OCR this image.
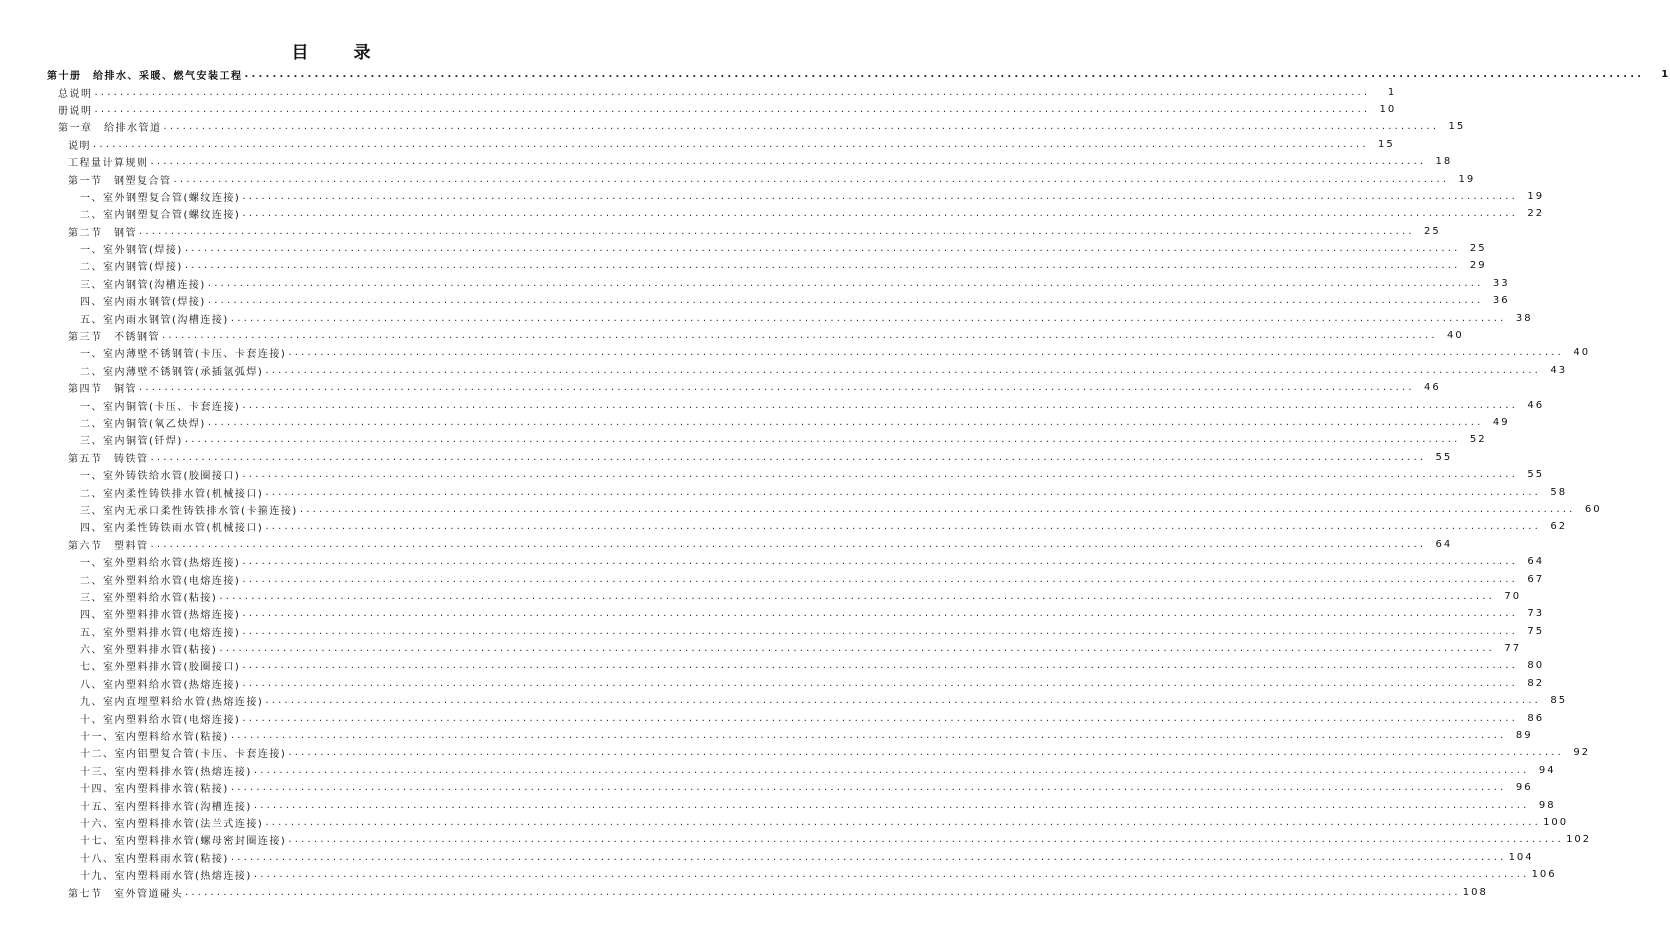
目　录
第十册　给排水、采暖、燃气安装工程 ........................................................................................................................................................................................................	1
总说明 ........................................................................................................................................................................................................	1
册说明 ........................................................................................................................................................................................................ 10
第一章　给排水管道 ........................................................................................................................................................................................................ 15
说明 ........................................................................................................................................................................................................ 15
工程量计算规则 ........................................................................................................................................................................................................ 18
第一节　钢塑复合管 ........................................................................................................................................................................................................ 19
一、室外钢塑复合管(螺纹连接) ........................................................................................................................................................................................................ 19
二、室内钢塑复合管(螺纹连接) ........................................................................................................................................................................................................ 22
第二节　钢管 ........................................................................................................................................................................................................ 25
一、室外钢管(焊接) ........................................................................................................................................................................................................ 25
二、室内钢管(焊接) ........................................................................................................................................................................................................ 29
三、室内钢管(沟槽连接) ........................................................................................................................................................................................................ 33
四、室内雨水钢管(焊接) ........................................................................................................................................................................................................ 36
五、室内雨水钢管(沟槽连接) ........................................................................................................................................................................................................ 38
第三节　不锈钢管 ........................................................................................................................................................................................................ 40
一、室内薄壁不锈钢管(卡压、卡套连接) ........................................................................................................................................................................................................ 40
二、室内薄壁不锈钢管(承插氩弧焊) ........................................................................................................................................................................................................ 43
第四节　铜管 ........................................................................................................................................................................................................ 46
一、室内铜管(卡压、卡套连接) ........................................................................................................................................................................................................ 46
二、室内铜管(氧乙炔焊) ........................................................................................................................................................................................................ 49
三、室内铜管(钎焊) ........................................................................................................................................................................................................ 52
第五节　铸铁管 ........................................................................................................................................................................................................ 55
一、室外铸铁给水管(胶圈接口) ........................................................................................................................................................................................................ 55
二、室内柔性铸铁排水管(机械接口) ........................................................................................................................................................................................................ 58
三、室内无承口柔性铸铁排水管(卡箍连接) ........................................................................................................................................................................................................ 60
四、室内柔性铸铁雨水管(机械接口) ........................................................................................................................................................................................................ 62
第六节　塑料管 ........................................................................................................................................................................................................ 64
一、室外塑料给水管(热熔连接) ........................................................................................................................................................................................................ 64
二、室外塑料给水管(电熔连接) ........................................................................................................................................................................................................ 67
三、室外塑料给水管(粘接) ........................................................................................................................................................................................................ 70
四、室外塑料排水管(热熔连接) ........................................................................................................................................................................................................ 73
五、室外塑料排水管(电熔连接) ........................................................................................................................................................................................................ 75
六、室外塑料排水管(粘接) ........................................................................................................................................................................................................ 77
七、室外塑料排水管(胶圈接口) ........................................................................................................................................................................................................ 80
八、室内塑料给水管(热熔连接) ........................................................................................................................................................................................................ 82
九、室内直埋塑料给水管(热熔连接) ........................................................................................................................................................................................................ 85
十、室内塑料给水管(电熔连接) ........................................................................................................................................................................................................ 86
十一、室内塑料给水管(粘接) ........................................................................................................................................................................................................ 89
十二、室内铝塑复合管(卡压、卡套连接) ........................................................................................................................................................................................................ 92
十三、室内塑料排水管(热熔连接) ........................................................................................................................................................................................................ 94
十四、室内塑料排水管(粘接) ........................................................................................................................................................................................................ 96
十五、室内塑料排水管(沟槽连接) ........................................................................................................................................................................................................ 98
十六、室内塑料排水管(法兰式连接) ........................................................................................................................................................................................................ 100
十七、室内塑料排水管(螺母密封圈连接) ........................................................................................................................................................................................................ 102
十八、室内塑料雨水管(粘接) ........................................................................................................................................................................................................ 104
十九、室内塑料雨水管(热熔连接) ........................................................................................................................................................................................................ 106
第七节　室外管道碰头 ........................................................................................................................................................................................................ 108
